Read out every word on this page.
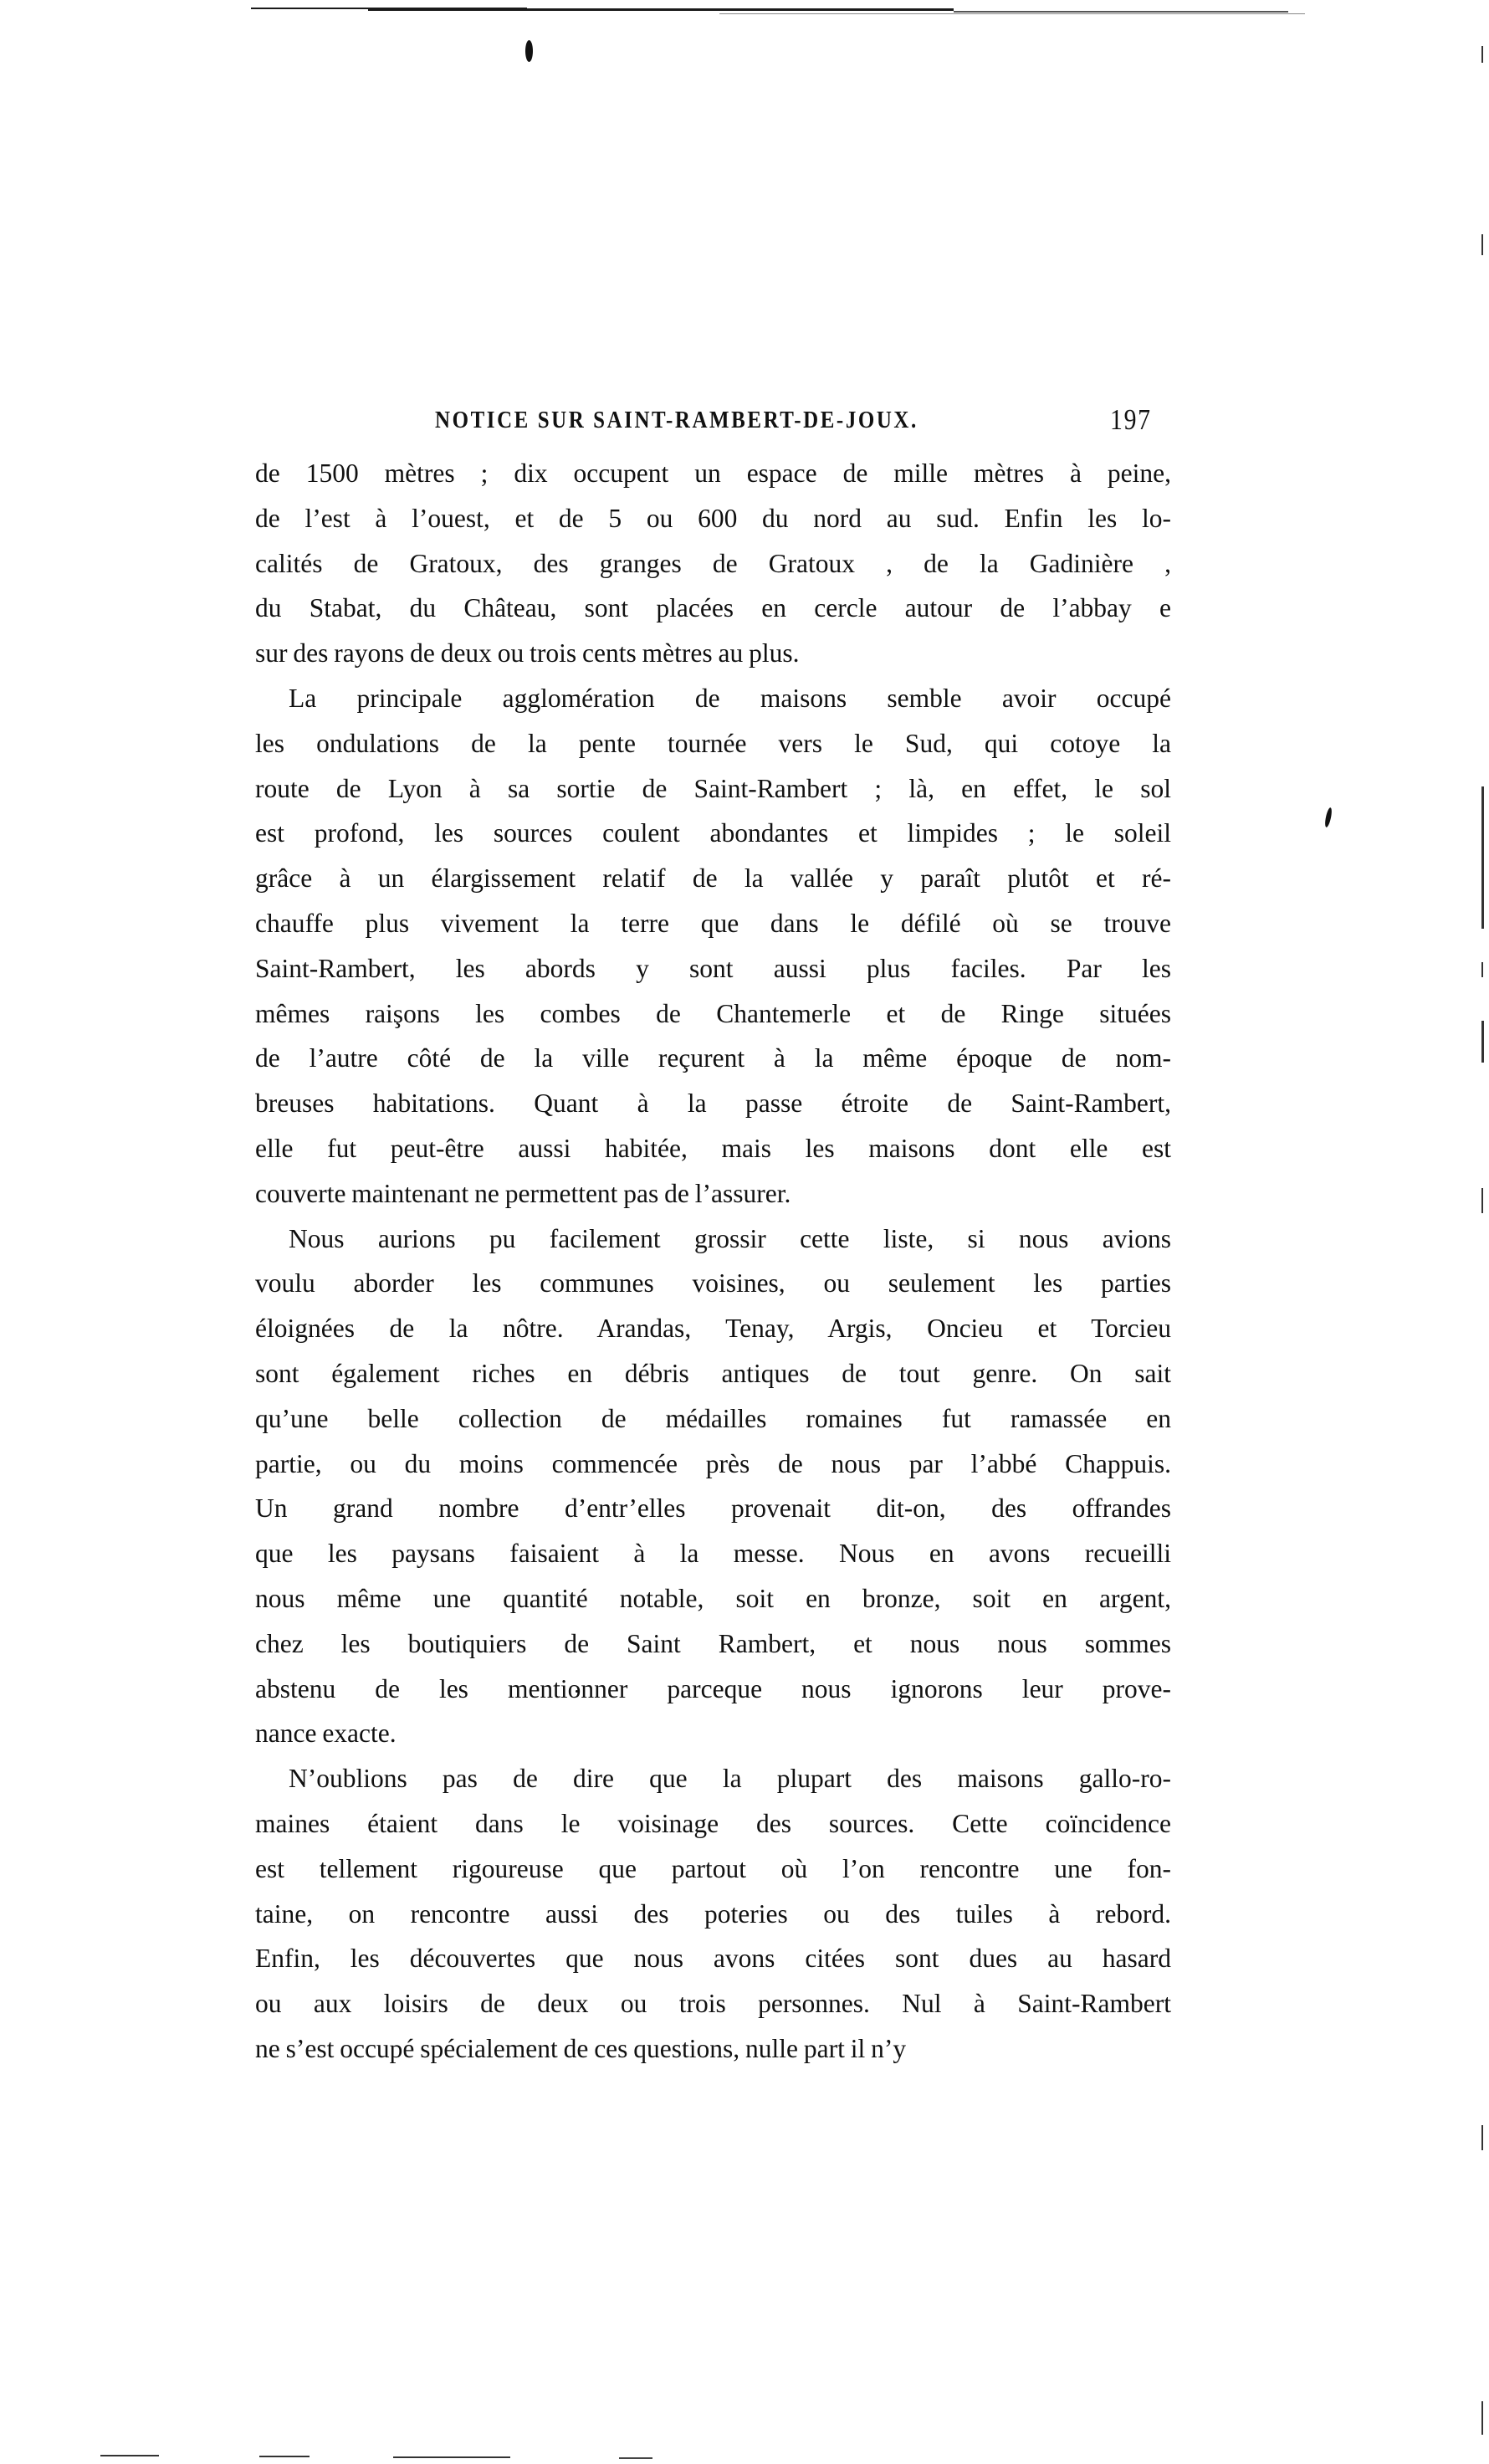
NOTICE SUR SAINT-RAMBERT-DE-JOUX.	197
de 1500 mètres ; dix occupent un espace de mille mètres à peine,
de l’est à l’ouest, et de 5 ou 600 du nord au sud. Enfin les lo-
calités de Gratoux, des granges de Gratoux , de la Gadinière ,
du Stabat, du Château, sont placées en cercle autour de l’abbay e
sur des rayons de deux ou trois cents mètres au plus.
La principale agglomération de maisons semble avoir occupé
les ondulations de la pente tournée vers le Sud, qui cotoye la
route de Lyon à sa sortie de Saint-Rambert ; là, en effet, le sol
est profond, les sources coulent abondantes et limpides ; le soleil
grâce à un élargissement relatif de la vallée y paraît plutôt et ré-
chauffe plus vivement la terre que dans le défilé où se trouve
Saint-Rambert, les abords y sont aussi plus faciles. Par les
mêmes raişons les combes de Chantemerle et de Ringe situées
de l’autre côté de la ville reçurent à la même époque de nom-
breuses habitations. Quant à la passe étroite de Saint-Rambert,
elle fut peut-être aussi habitée, mais les maisons dont elle est
couverte maintenant ne permettent pas de l’assurer.
Nous aurions pu facilement grossir cette liste, si nous avions
voulu aborder les communes voisines, ou seulement les parties
éloignées de la nôtre. Arandas, Tenay, Argis, Oncieu et Torcieu
sont également riches en débris antiques de tout genre. On sait
qu’une belle collection de médailles romaines fut ramassée en
partie, ou du moins commencée près de nous par l’abbé Chappuis.
Un grand nombre d’entr’elles provenait dit-on, des offrandes
que les paysans faisaient à la messe. Nous en avons recueilli
nous même une quantité notable, soit en bronze, soit en argent,
chez les boutiquiers de Saint Rambert, et nous nous sommes
abstenu de les mentionner parceque nous ignorons leur prove-
nance exacte.
N’oublions pas de dire que la plupart des maisons gallo-ro-
maines étaient dans le voisinage des sources. Cette coïncidence
est tellement rigoureuse que partout où l’on rencontre une fon-
taine, on rencontre aussi des poteries ou des tuiles à rebord.
Enfin, les découvertes que nous avons citées sont dues au hasard
ou aux loisirs de deux ou trois personnes. Nul à Saint-Rambert
ne s’est occupé spécialement de ces questions, nulle part il n’y
